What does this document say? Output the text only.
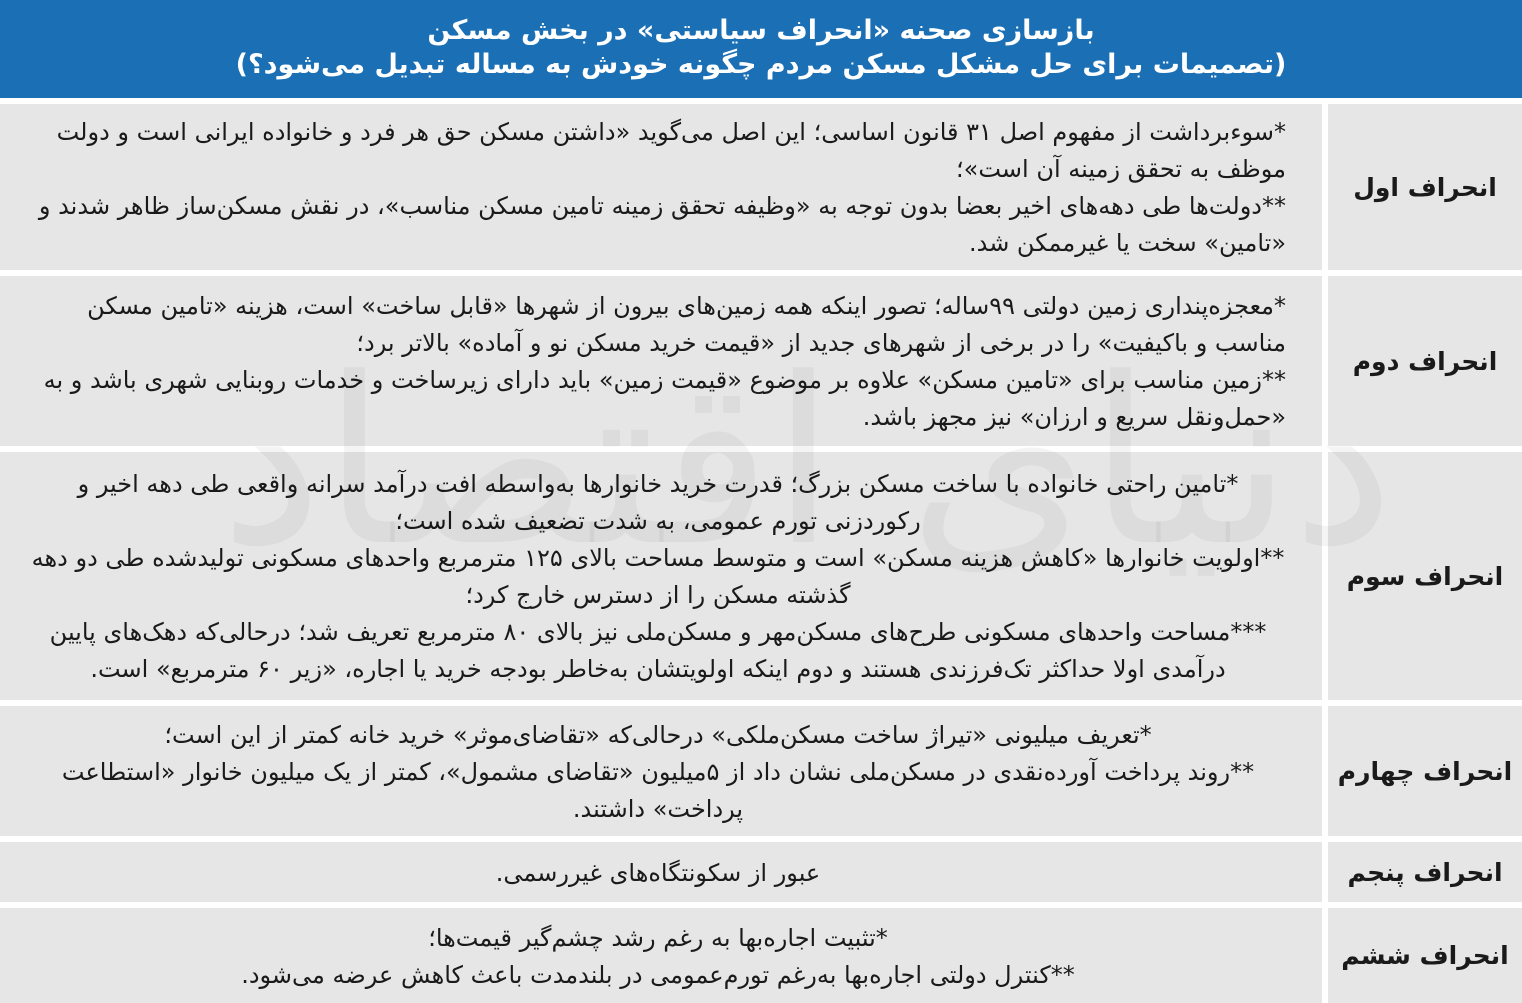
بازسازی صحنه «انحراف سیاستی» در بخش مسکن
(تصمیمات برای حل مشکل مسکن مردم چگونه خودش به مساله تبدیل می‌شود؟)
انحراف اول

*سوءبرداشت از مفهوم اصل ۳۱ قانون اساسی؛ این اصل می‌گوید «داشتن مسکن حق هر فرد و خانواده ایرانی است و دولت موظف به تحقق زمینه آن است»؛

**دولت‌ها طی دهه‌های اخیر بعضا بدون توجه به «وظیفه تحقق زمینه تامین مسکن مناسب»، در نقش مسکن‌ساز ظاهر شدند و «تامین» سخت یا غیرممکن شد.

انحراف دوم

*معجزه‌پنداری زمین دولتی ۹۹ساله؛ تصور اینکه همه زمین‌های بیرون از شهرها «قابل ساخت» است، هزینه «تامین مسکن مناسب و باکیفیت» را در برخی از شهرهای جدید از «قیمت خرید مسکن نو و آماده» بالاتر برد؛

**زمین مناسب برای «تامین مسکن» علاوه بر موضوع «قیمت زمین» باید دارای زیرساخت و خدمات روبنایی شهری باشد و به «حمل‌ونقل سریع و ارزان» نیز مجهز باشد.

انحراف سوم

*تامین راحتی خانواده با ساخت مسکن بزرگ؛ قدرت خرید خانوارها به‌واسطه افت درآمد سرانه واقعی طی دهه اخیر و رکوردزنی تورم عمومی، به شدت تضعیف شده است؛

**اولویت خانوارها «کاهش هزینه مسکن» است و متوسط مساحت بالای ۱۲۵ مترمربع واحدهای مسکونی تولیدشده طی دو دهه گذشته مسکن را از دسترس خارج کرد؛

***مساحت واحدهای مسکونی طرح‌های مسکن‌مهر و مسکن‌ملی نیز بالای ۸۰ مترمربع تعریف شد؛ درحالی‌که دهک‌های پایین درآمدی اولا حداکثر تک‌فرزندی هستند و دوم اینکه اولویتشان به‌خاطر بودجه خرید یا اجاره، «زیر ۶۰ مترمربع» است.

انحراف چهارم

*تعریف میلیونی «تیراژ ساخت مسکن‌ملکی» درحالی‌که «تقاضای‌موثر» خرید خانه کمتر از این است؛

**روند پرداخت آورده‌نقدی در مسکن‌ملی نشان داد از ۵میلیون «تقاضای مشمول»، کمتر از یک میلیون خانوار «استطاعت پرداخت» داشتند.

انحراف پنجم

عبور از سکونتگاه‌های غیررسمی.

انحراف ششم

*تثبیت اجاره‌بها به رغم رشد چشم‌گیر قیمت‌ها؛

**کنترل دولتی اجاره‌بها به‌رغم تورم‌عمومی در بلندمدت باعث کاهش عرضه می‌شود.
